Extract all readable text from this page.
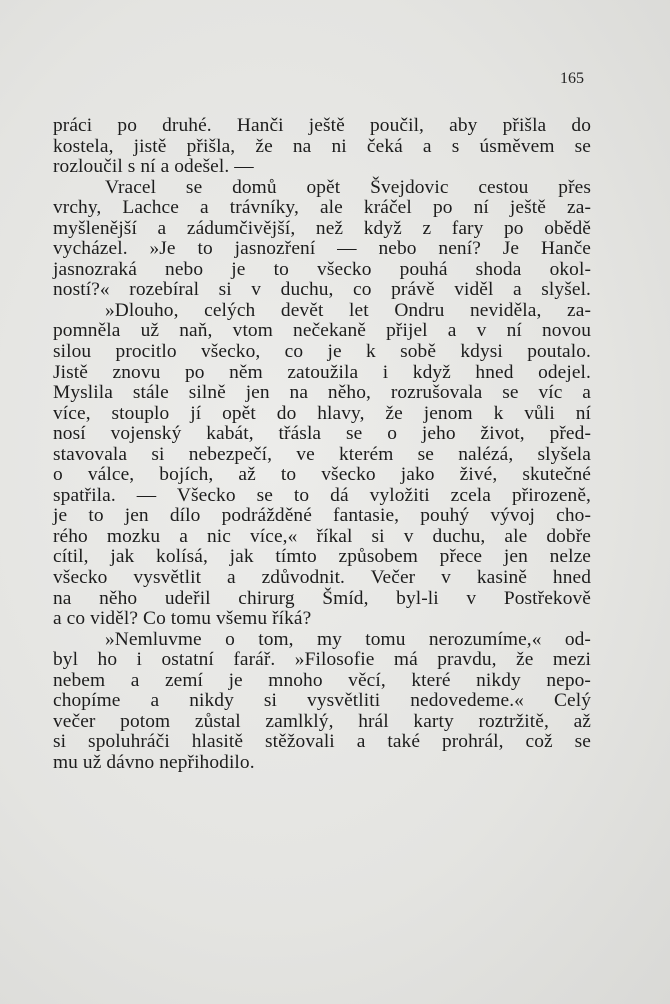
165
práci po druhé. Hanči ještě poučil, aby přišla do
kostela, jistě přišla, že na ni čeká a s úsměvem se
rozloučil s ní a odešel. —
Vracel se domů opět Švejdovic cestou přes
vrchy, Lachce a trávníky, ale kráčel po ní ještě za-
myšlenější a zádumčivější, než když z fary po obědě
vycházel. »Je to jasnozření — nebo není? Je Hanče
jasnozraká nebo je to všecko pouhá shoda okol-
ností?« rozebíral si v duchu, co právě viděl a slyšel.
»Dlouho, celých devět let Ondru neviděla, za-
pomněla už naň, vtom nečekaně přijel a v ní novou
silou procitlo všecko, co je k sobě kdysi poutalo.
Jistě znovu po něm zatoužila i když hned odejel.
Myslila stále silně jen na něho, rozrušovala se víc a
více, stouplo jí opět do hlavy, že jenom k vůli ní
nosí vojenský kabát, třásla se o jeho život, před-
stavovala si nebezpečí, ve kterém se nalézá, slyšela
o válce, bojích, až to všecko jako živé, skutečné
spatřila. — Všecko se to dá vyložiti zcela přirozeně,
je to jen dílo podrážděné fantasie, pouhý vývoj cho-
rého mozku a nic více,« říkal si v duchu, ale dobře
cítil, jak kolísá, jak tímto způsobem přece jen nelze
všecko vysvětlit a zdůvodnit. Večer v kasině hned
na něho udeřil chirurg Šmíd, byl-li v Postřekově
a co viděl? Co tomu všemu říká?
»Nemluvme o tom, my tomu nerozumíme,« od-
byl ho i ostatní farář. »Filosofie má pravdu, že mezi
nebem a zemí je mnoho věcí, které nikdy nepo-
chopíme a nikdy si vysvětliti nedovedeme.« Celý
večer potom zůstal zamlklý, hrál karty roztržitě, až
si spoluhráči hlasitě stěžovali a také prohrál, což se
mu už dávno nepřihodilo.
